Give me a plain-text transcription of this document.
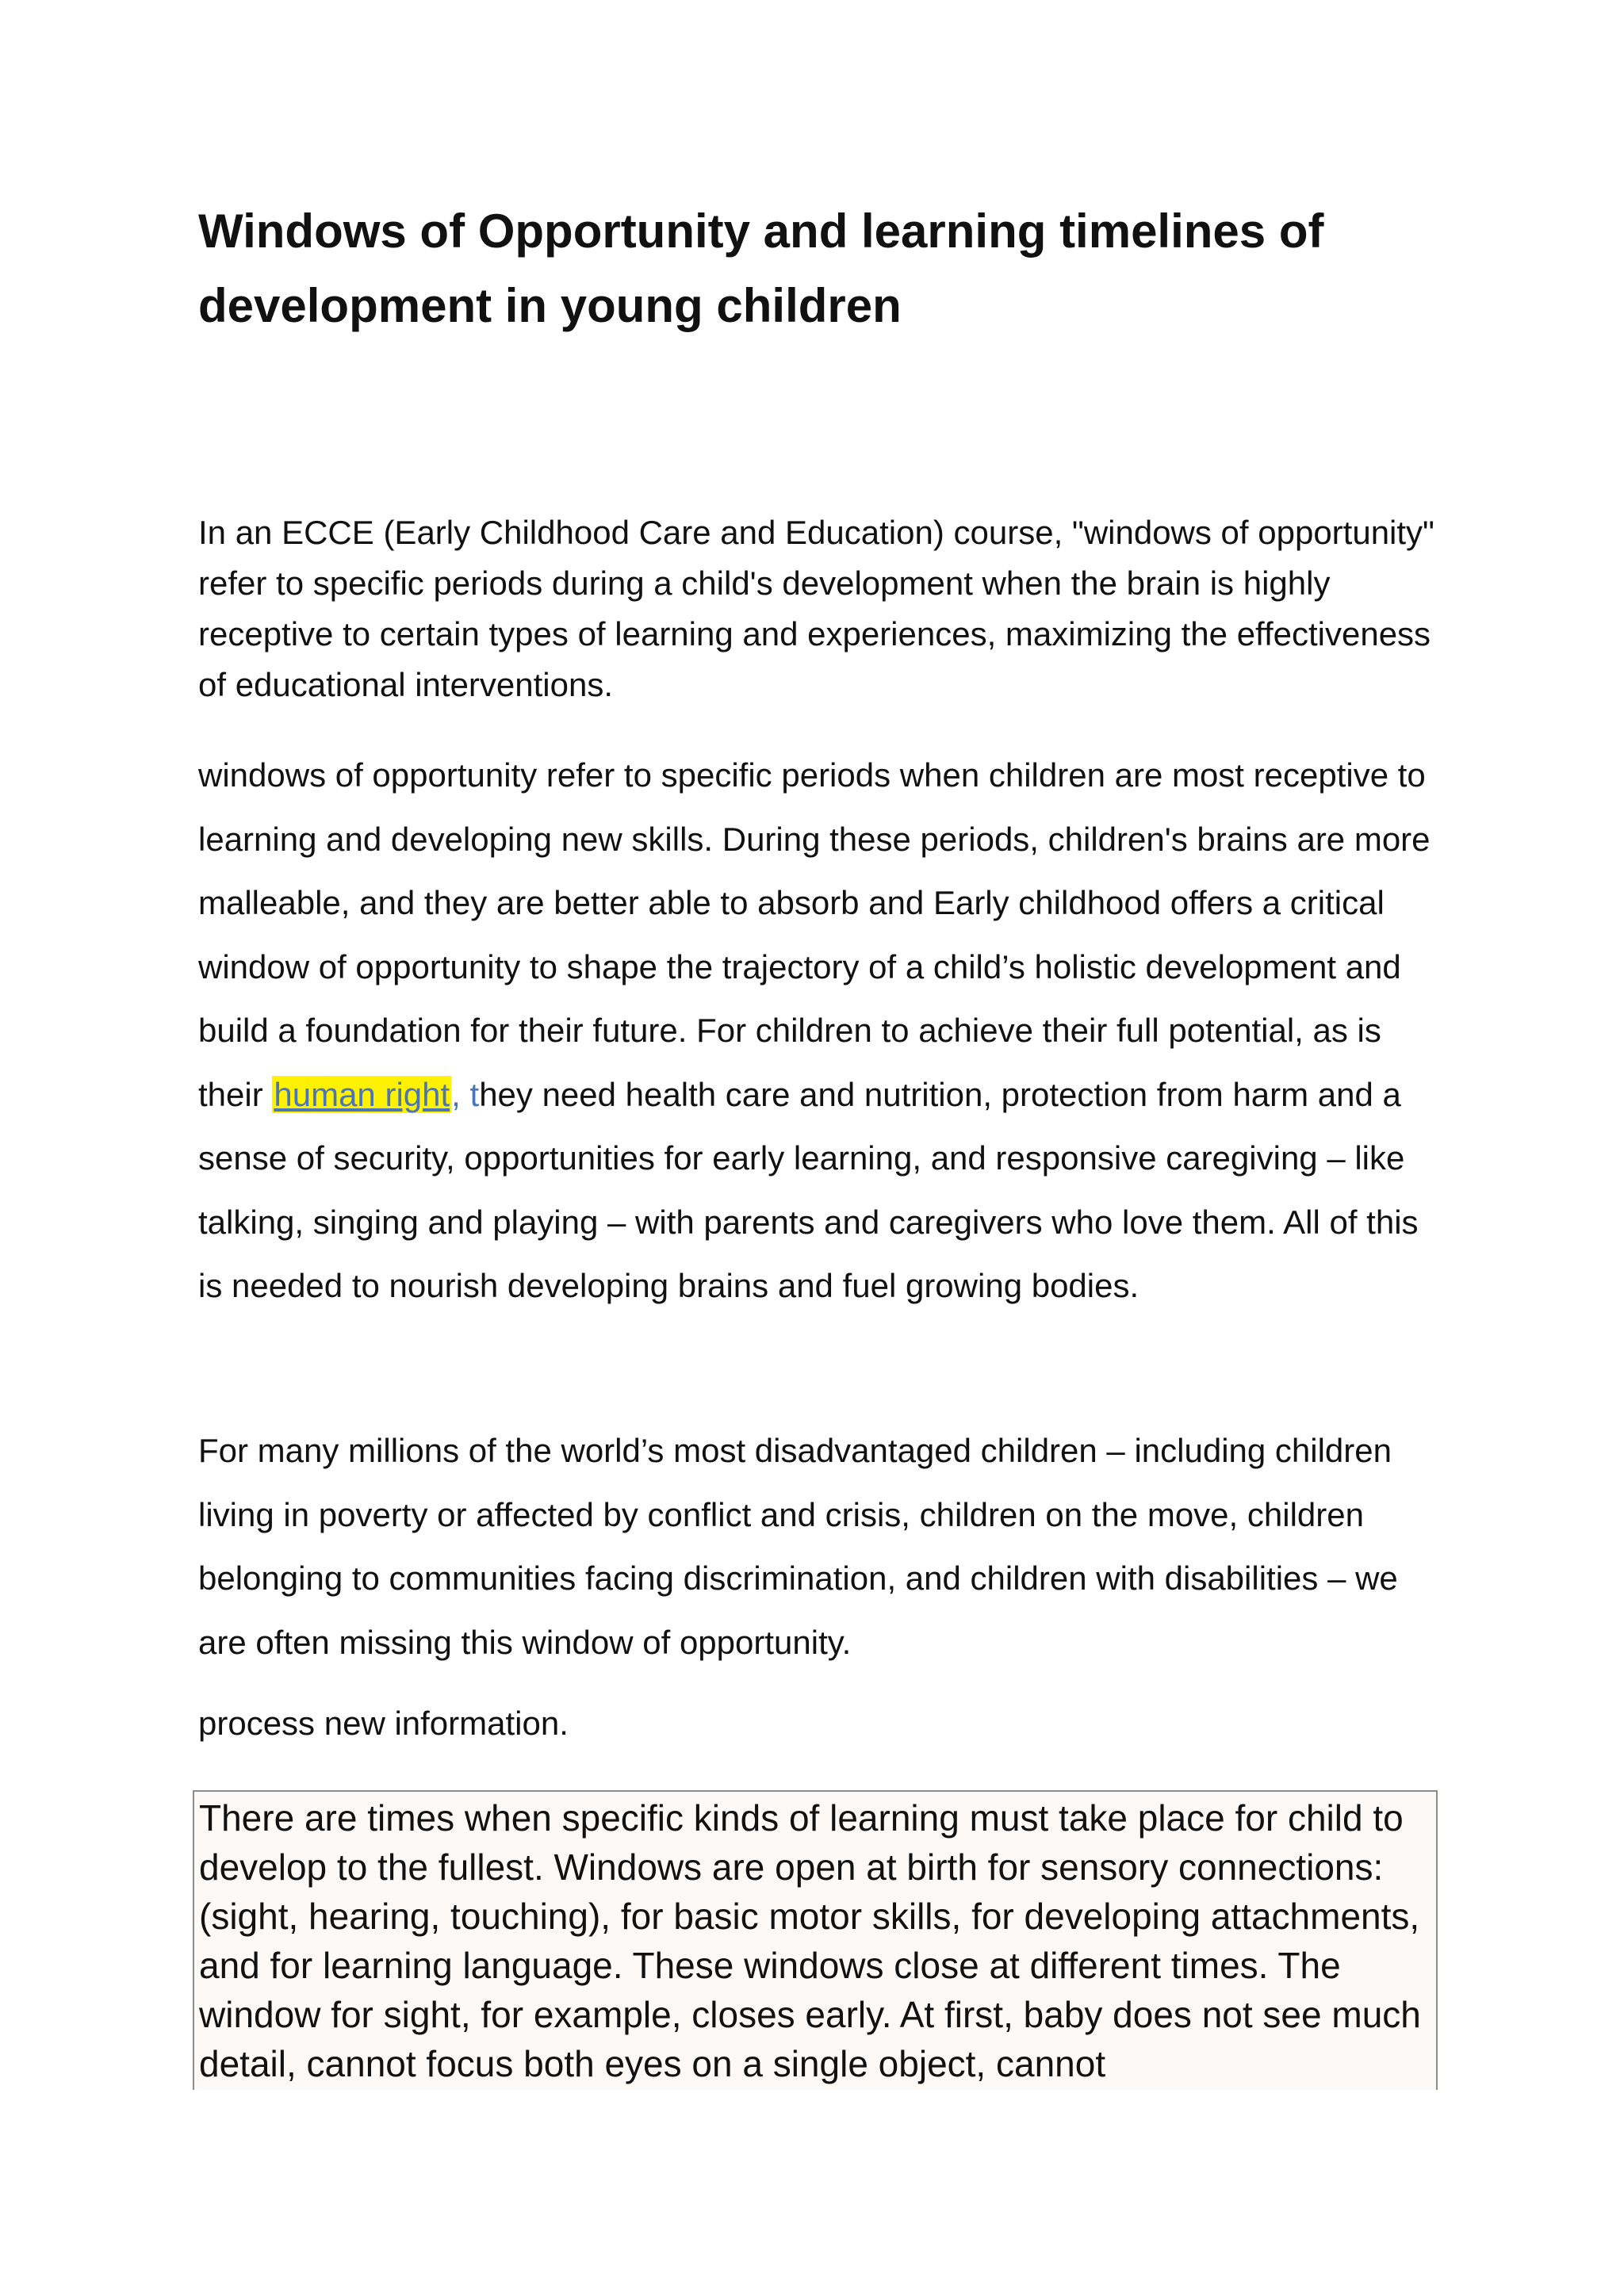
Windows of Opportunity and learning timelines of development in young children

In an ECCE (Early Childhood Care and Education) course, "windows of opportunity" refer to specific periods during a child's development when the brain is highly receptive to certain types of learning and experiences, maximizing the effectiveness of educational interventions.

windows of opportunity refer to specific periods when children are most receptive to learning and developing new skills. During these periods, children's brains are more malleable, and they are better able to absorb and Early childhood offers a critical window of opportunity to shape the trajectory of a child’s holistic development and build a foundation for their future. For children to achieve their full potential, as is their human right, they need health care and nutrition, protection from harm and a sense of security, opportunities for early learning, and responsive caregiving – like talking, singing and playing – with parents and caregivers who love them. All of this is needed to nourish developing brains and fuel growing bodies.

For many millions of the world’s most disadvantaged children – including children living in poverty or affected by conflict and crisis, children on the move, children belonging to communities facing discrimination, and children with disabilities – we are often missing this window of opportunity.

process new information.

There are times when specific kinds of learning must take place for child to develop to the fullest. Windows are open at birth for sensory connections: (sight, hearing, touching), for basic motor skills, for developing attachments, and for learning language. These windows close at different times. The window for sight, for example, closes early. At first, baby does not see much detail, cannot focus both eyes on a single object, cannot
